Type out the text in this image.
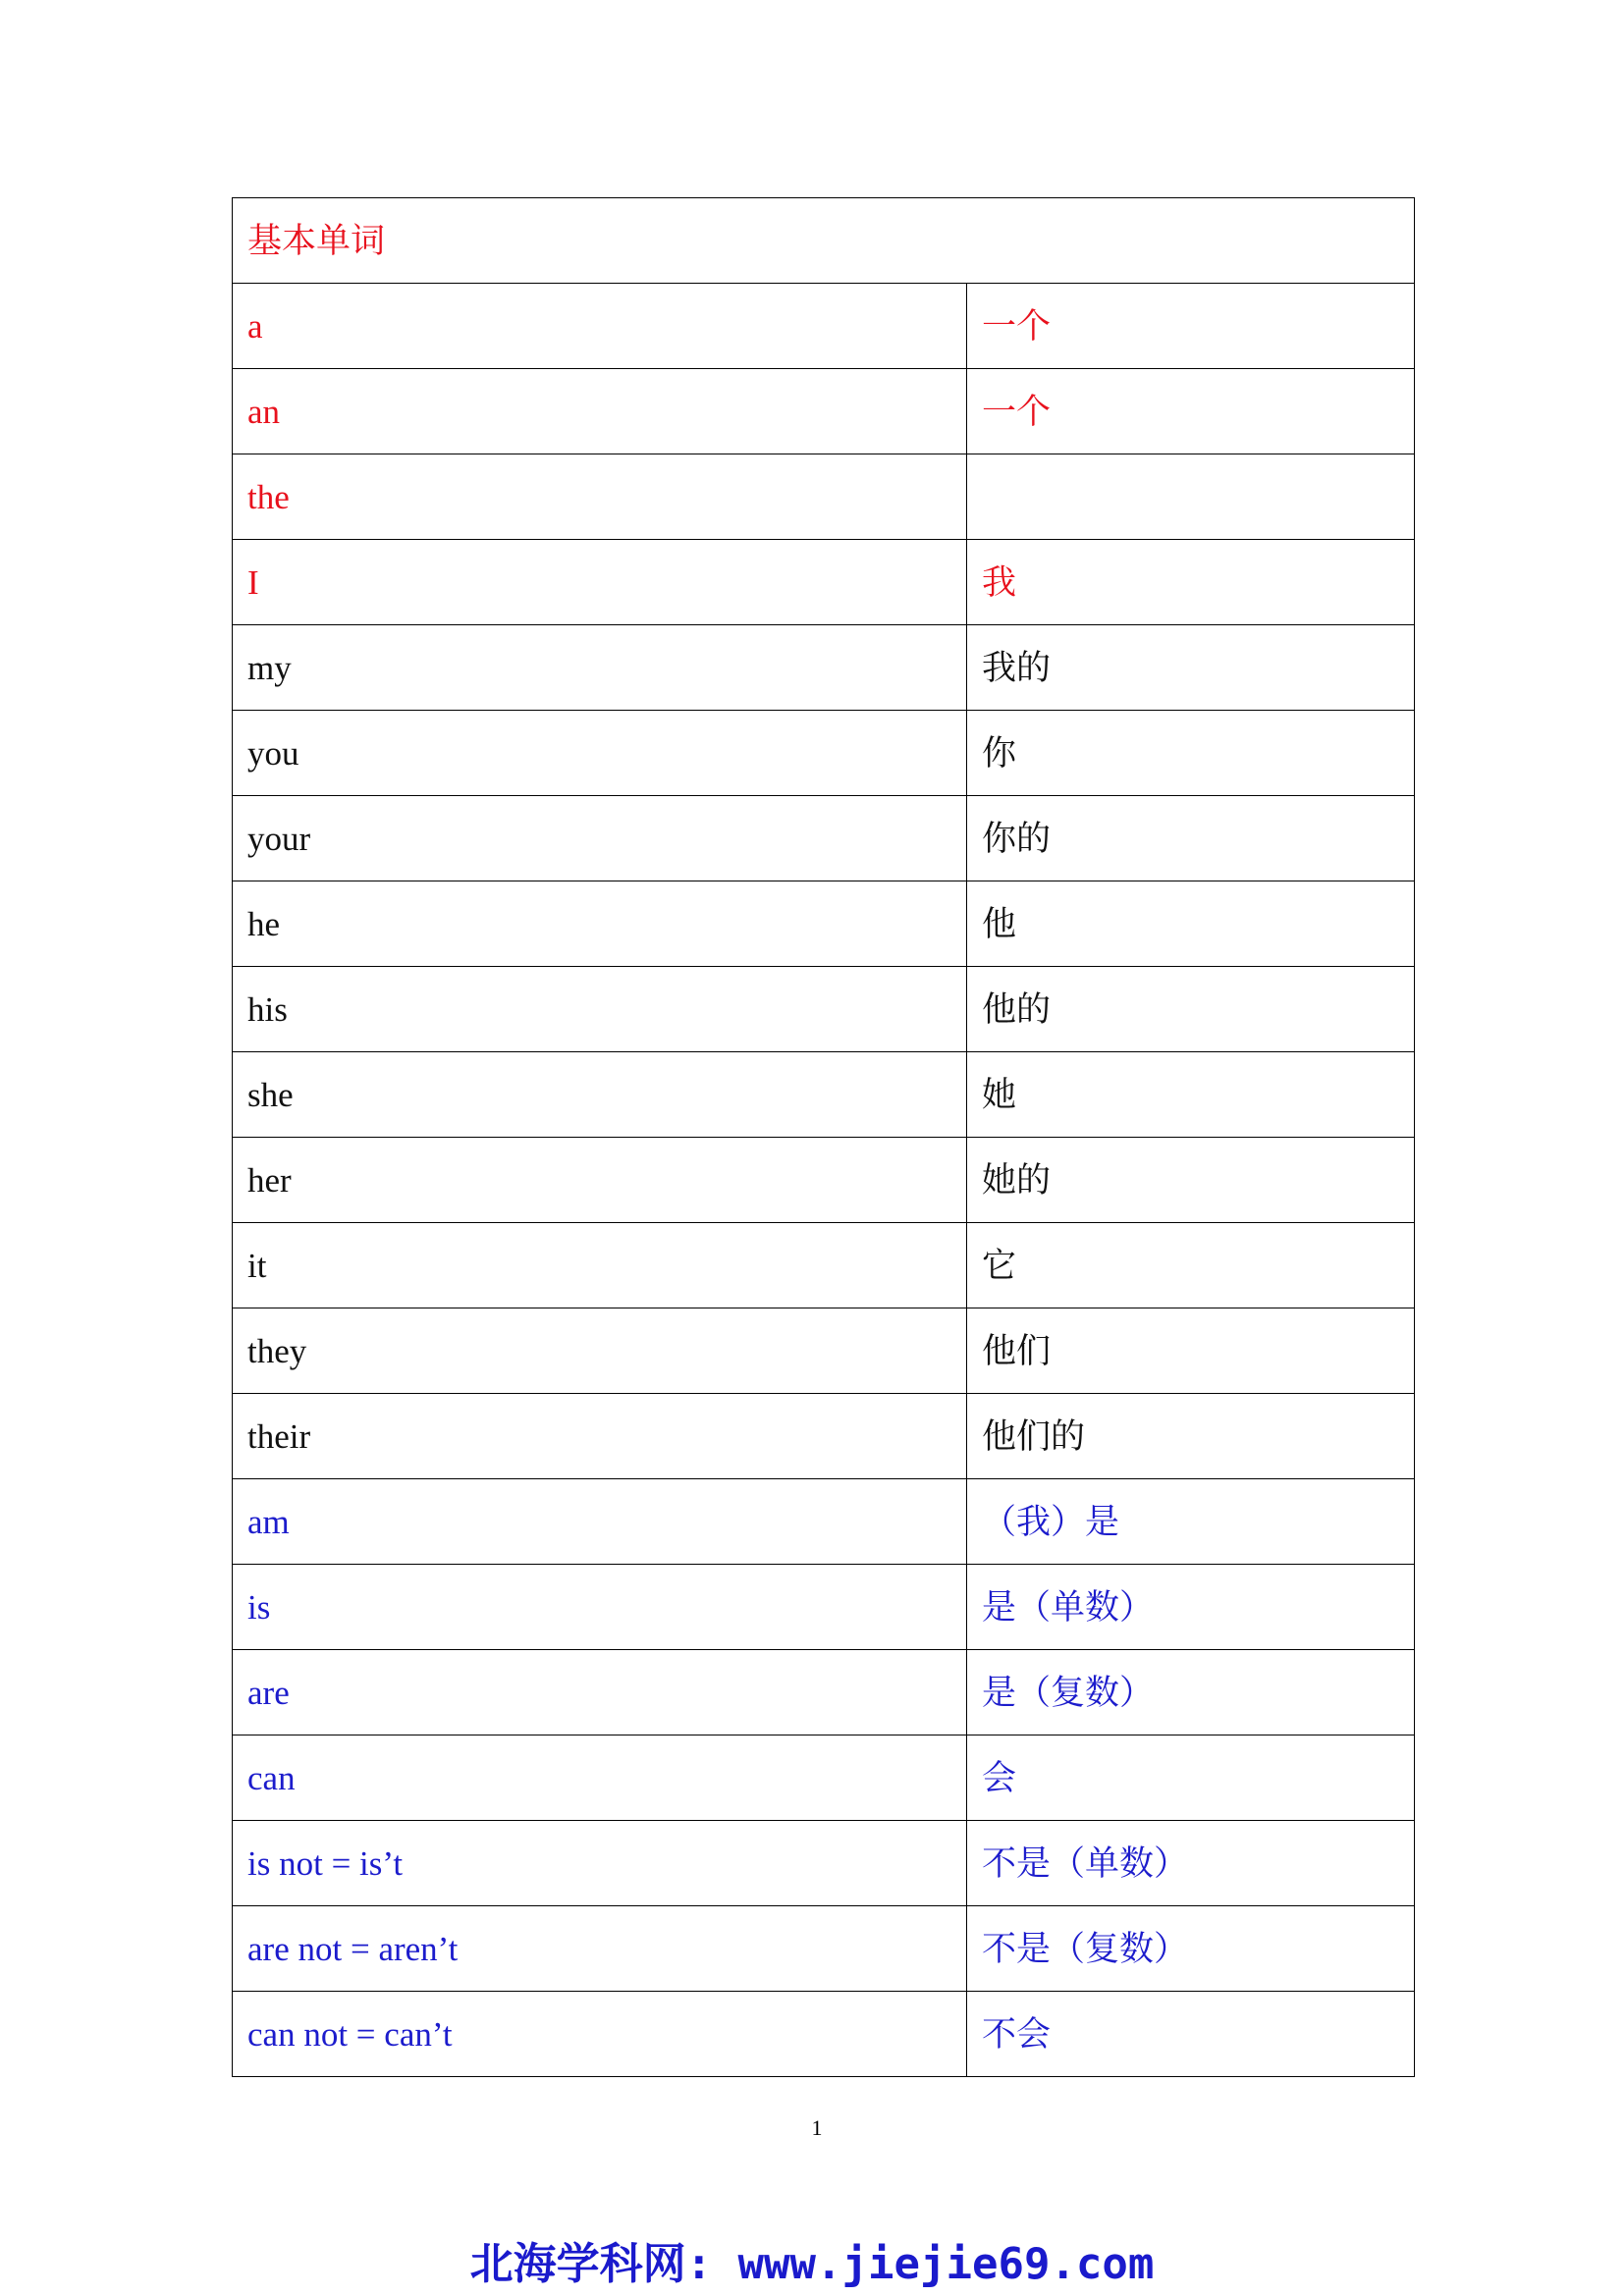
基本单词	
a	一个
an	一个
the	
I	我
my	我的
you	你
your	你的
he	他
his	他的
she	她
her	她的
it	它
they	他们
their	他们的
am	（我）是
is	是（单数）
are	是（复数）
can	会
is not = is’t	不是（单数）
are not = aren’t	不是（复数）
can not = can’t	不会
1
北海学科网: www.jiejie69.com
